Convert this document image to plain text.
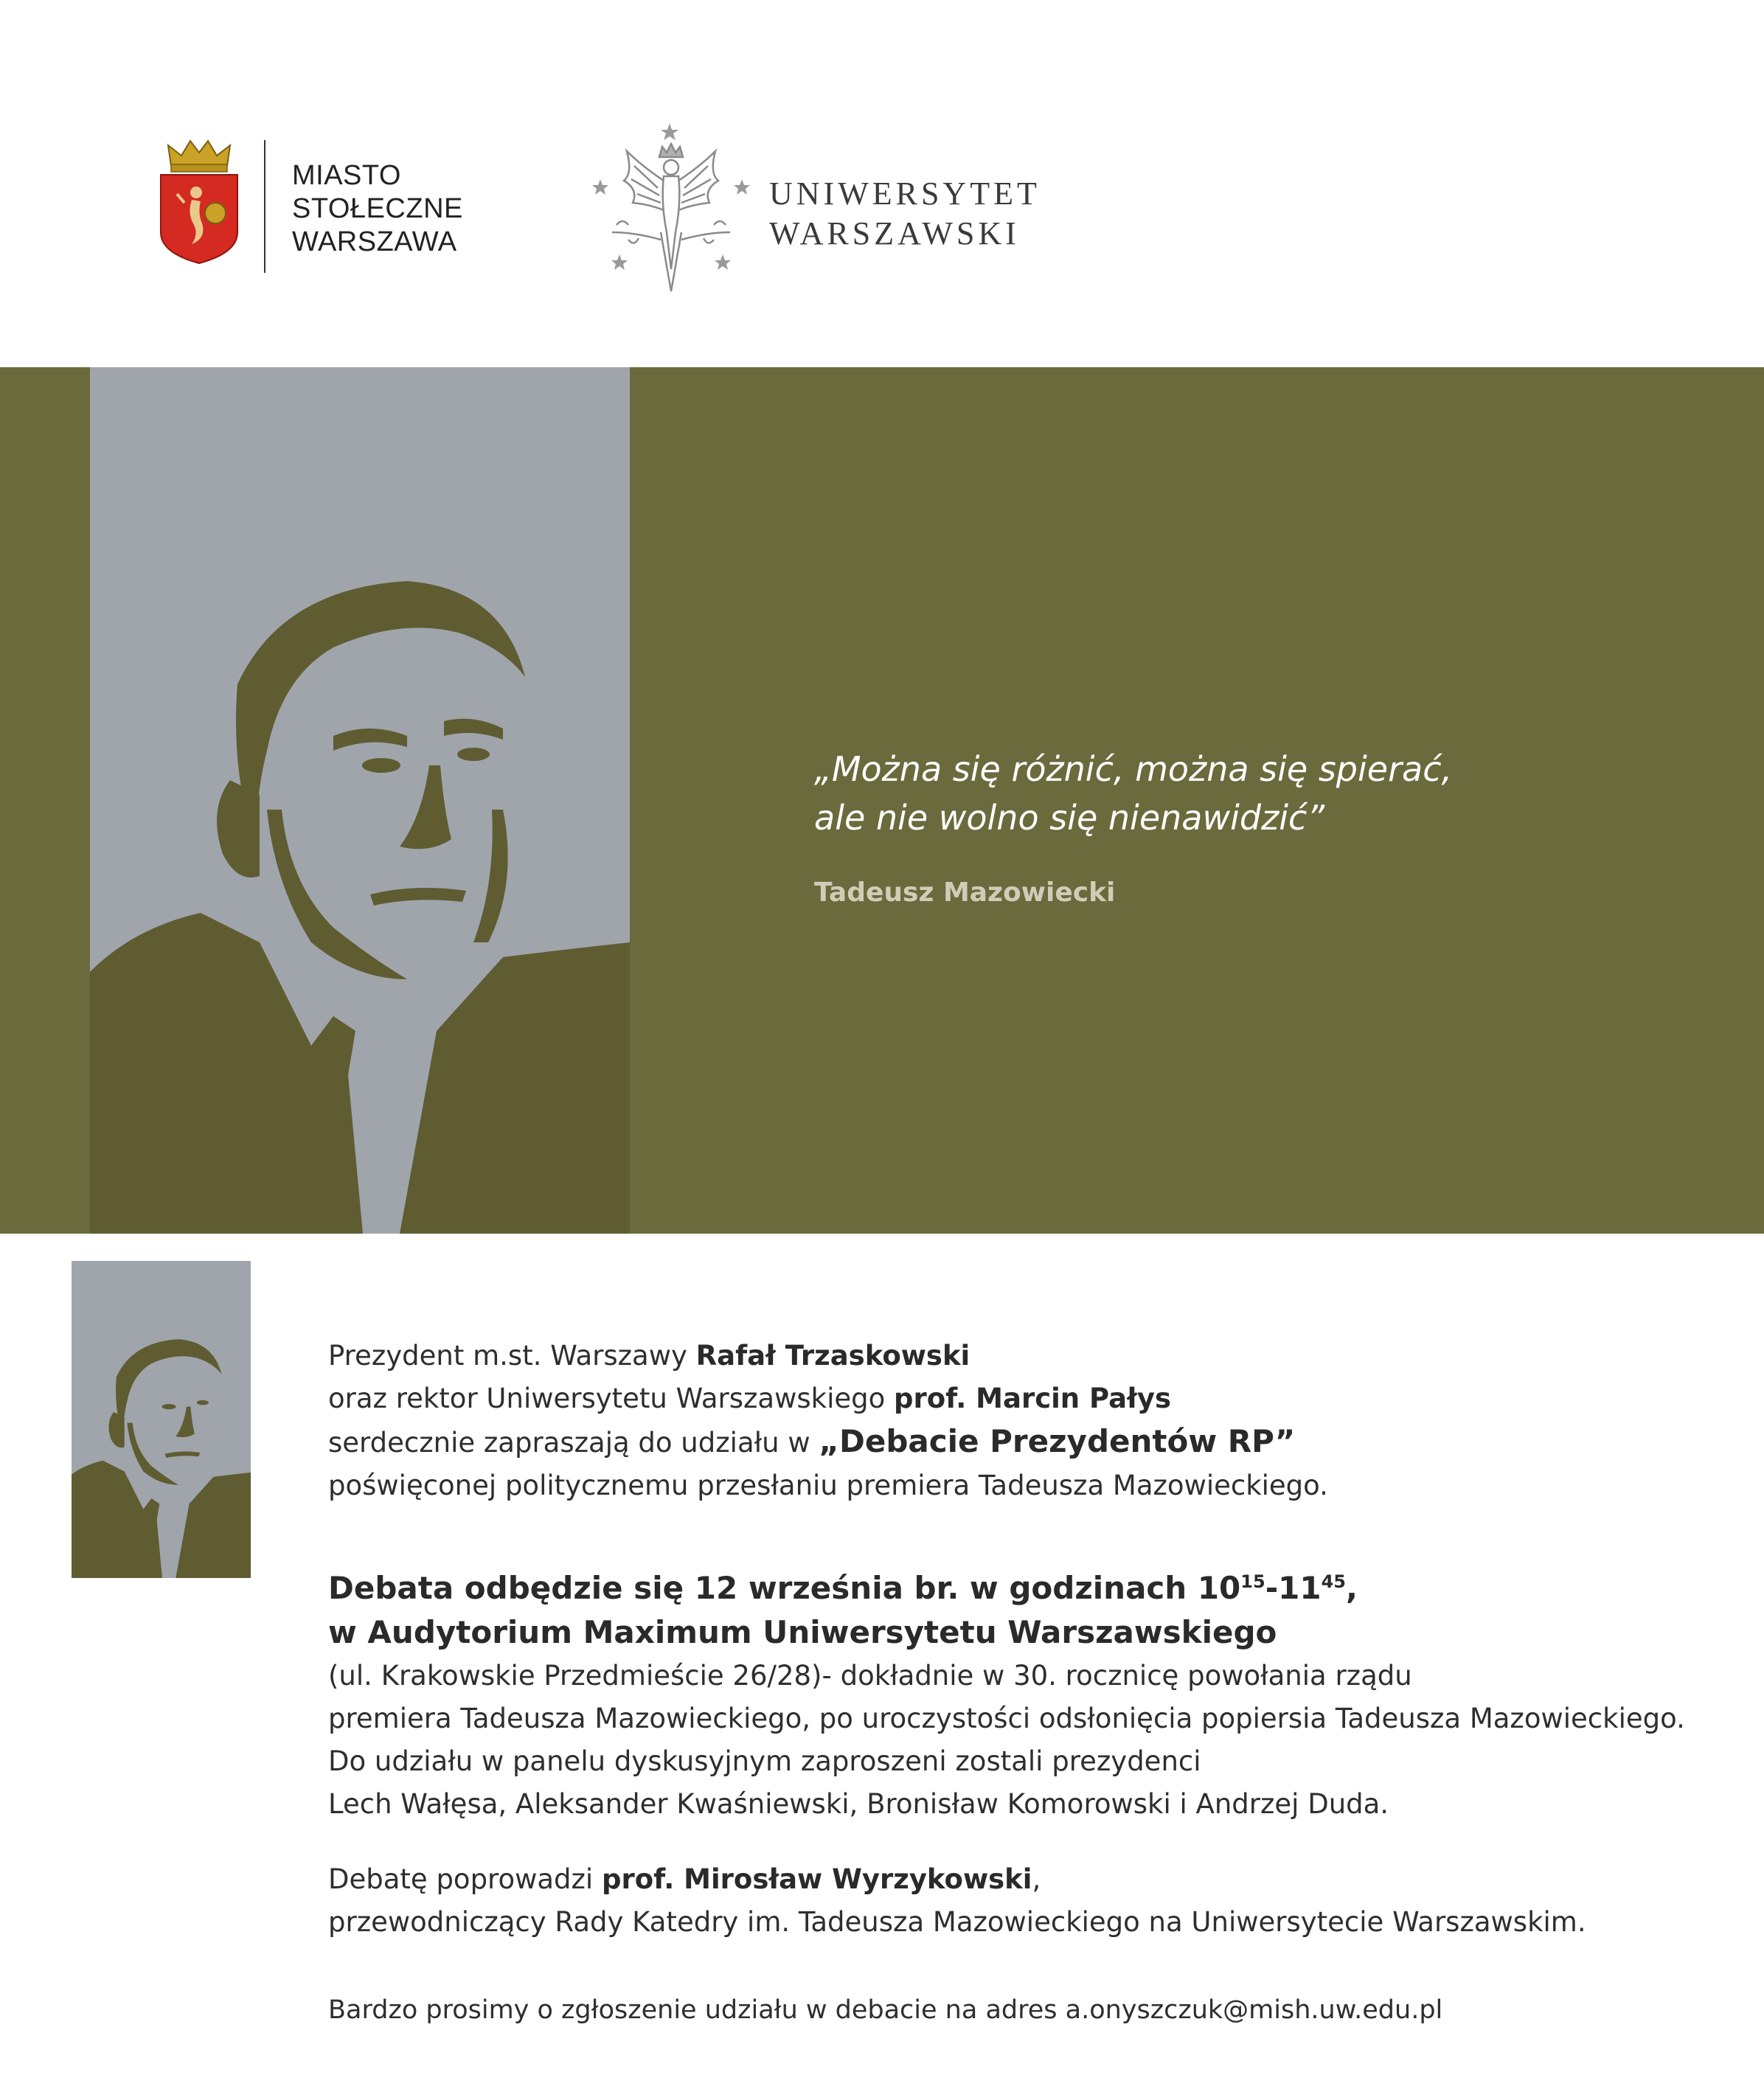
MIASTO
STOŁECZNE
WARSZAWA
UNIWERSYTET
WARSZAWSKI
„Można się różnić, można się spierać,
ale nie wolno się nienawidzić”
Tadeusz Mazowiecki
Prezydent m.st. Warszawy Rafał Trzaskowski
oraz rektor Uniwersytetu Warszawskiego prof. Marcin Pałys
serdecznie zapraszają do udziału w „Debacie Prezydentów RP”
poświęconej politycznemu przesłaniu premiera Tadeusza Mazowieckiego.
Debata odbędzie się 12 września br. w godzinach $10^{15}-11^{45}$,
w Audytorium Maximum Uniwersytetu Warszawskiego
(ul. Krakowskie Przedmieście 26/28)- dokładnie w 30. rocznicę powołania rządu
premiera Tadeusza Mazowieckiego, po uroczystości odsłonięcia popiersia Tadeusza Mazowieckiego.
Do udziału w panelu dyskusyjnym zaproszeni zostali prezydenci
Lech Wałęsa, Aleksander Kwaśniewski, Bronisław Komorowski i Andrzej Duda.
Debatę poprowadzi prof. Mirosław Wyrzykowski,
przewodniczący Rady Katedry im. Tadeusza Mazowieckiego na Uniwersytecie Warszawskim.
Bardzo prosimy o zgłoszenie udziału w debacie na adres a.onyszczuk@mish.uw.edu.pl
